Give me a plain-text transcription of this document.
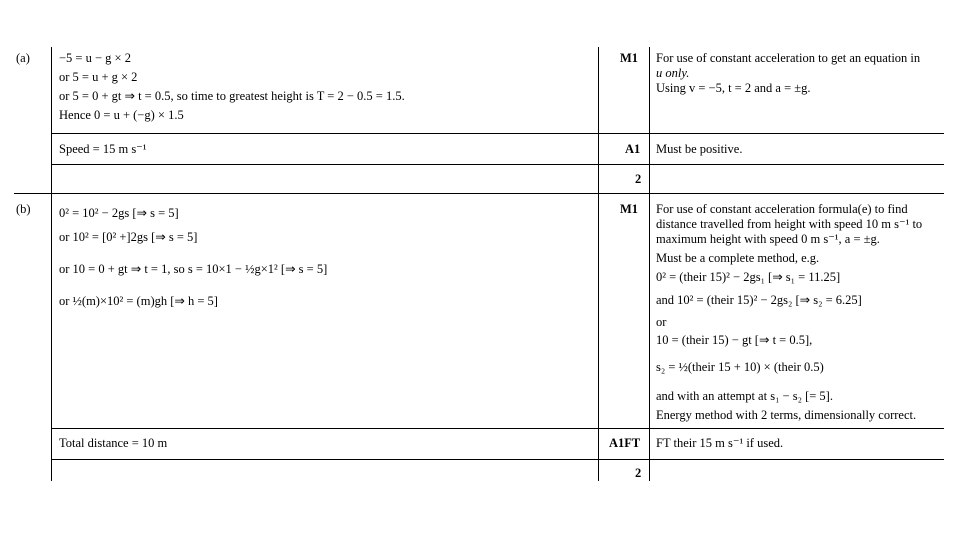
(a) −5 = u − g × 2
or 5 = u + g × 2
or 5 = 0 + gt ⇒ t = 0.5, so time to greatest height is T = 2 − 0.5 = 1.5.
Hence 0 = u + (−g) × 1.5
M1 For use of constant acceleration to get an equation in
u only.
Using v = −5, t = 2 and a = ±g.
Speed = 15 m s⁻¹	A1 Must be positive.
2
(b) 0² = 10² − 2gs [⇒ s = 5]
or 10² = [0² +]2gs [⇒ s = 5]
or 10 = 0 + gt ⇒ t = 1, so s = 10×1 − ½g×1² [⇒ s = 5]
or ½(m)×10² = (m)gh [⇒ h = 5]
M1 For use of constant acceleration formula(e) to find
distance travelled from height with speed 10 m s⁻¹ to
maximum height with speed 0 m s⁻¹, a = ±g.
Must be a complete method, e.g.
0² = (their 15)² − 2gs₁ [⇒ s₁ = 11.25]
and 10² = (their 15)² − 2gs₂ [⇒ s₂ = 6.25]
or
10 = (their 15) − gt [⇒ t = 0.5],
s₂ = ½(their 15 + 10) × (their 0.5)
and with an attempt at s₁ − s₂ [= 5].
Energy method with 2 terms, dimensionally correct.
Total distance = 10 m	A1FT FT their 15 m s⁻¹ if used.
2
